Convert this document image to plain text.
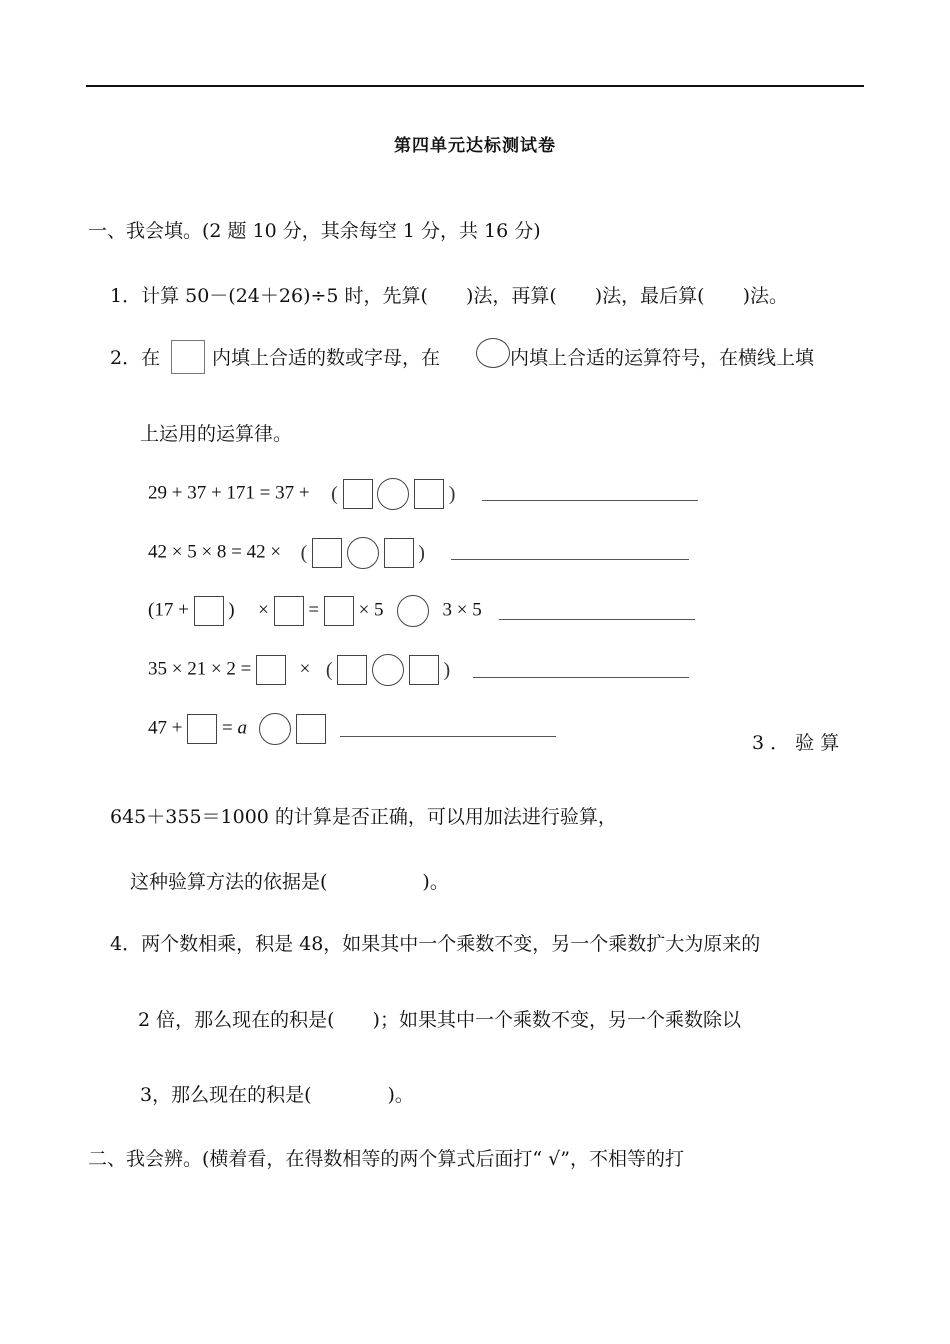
第四单元达标测试卷
一、我会填。(2 题 10 分，其余每空 1 分，共 16 分)
1．计算 50－(24＋26)÷5 时，先算(　　)法，再算(　　)法，最后算(　　)法。
2．在	内填上合适的数或字母，在	内填上合适的运算符号，在横线上填
上运用的运算律。
29 + 37 + 171 = 37 + (	)
42 × 5 × 8 = 42 × (	)
(17 + ) × = × 5	3 × 5
35 × 21 × 2 =	× (	)
47 + = a
3 ． 验 算
645＋355＝1000 的计算是否正确，可以用加法进行验算，
这种验算方法的依据是(　　　　　)。
4．两个数相乘，积是 48，如果其中一个乘数不变，另一个乘数扩大为原来的
2 倍，那么现在的积是(　　)；如果其中一个乘数不变，另一个乘数除以
3，那么现在的积是(　　　　)。
二、我会辨。(横着看，在得数相等的两个算式后面打“ √”，不相等的打
